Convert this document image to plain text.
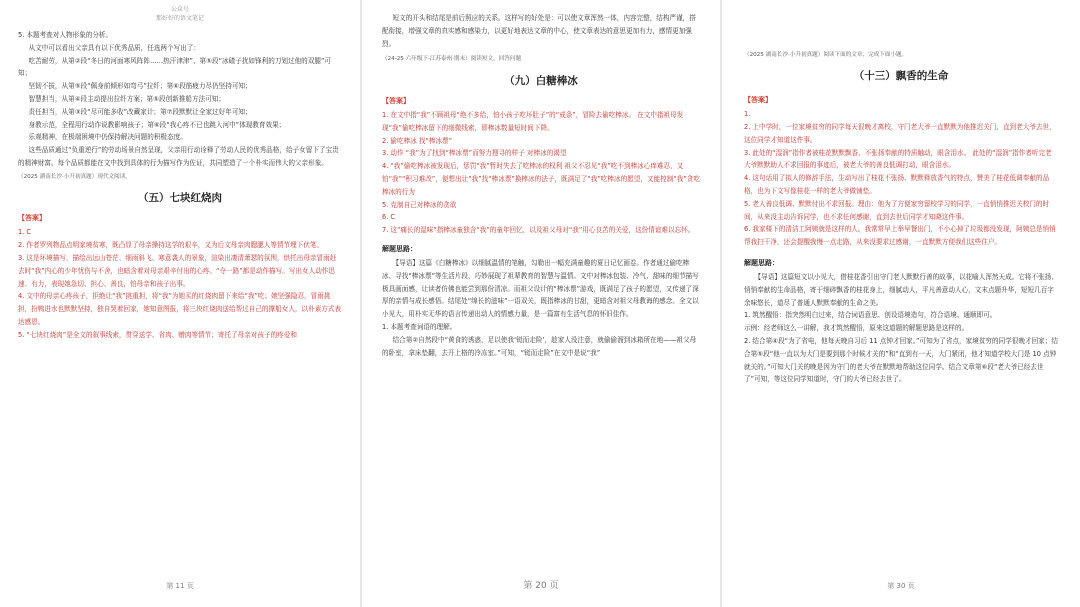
公众号
那好好的语文笔记

5. 本题考查对人物形象的分析。

从文中可以看出父亲具有以下优秀品质，任选两个写出了：

吃苦耐劳，从第②段“冬日的河面寒风阵阵……热汗津津”、第⑤段“冰碴子扰如锋利的刀划过他的双腿”可知；

坚韧不拔，从第⑤段“佩身前倾形如弯弓”拉纤；第⑥段筋疲力尽仍坚持可知；

智慧担当，从第④段主动提出拉纤方案；第⑤段创新推船方法可知；

责任担当，从第③段“尽可能多收”改藏家计；第⑦段默默让全家过好年可知；

身教示范，全程用行动诈说教影响孩子；第⑥段“我心疼不已也跳入河中”体现教育效果；

乐观精神，在极端困境中仍保持解决问题的积极态度。

这些品质通过“负重逆行”的劳动场景自然呈现，父亲用行动诠释了劳动人民的优秀品格，给子女留下了宝贵的精神财富。每个品质都能在文中找到具体的行为描写作为佐证，共同塑造了一个朴实而伟大的父亲形象。

（2025 湖南长沙·小升初真题）现代文阅读。

（五）七块红烧肉
【答案】

1. C

2. 作者罗列物品点明家境贫寒，既凸显了母亲操持这学的艰辛，又为后文母亲肉腮腮人等情节埋下伏笔。

3. 这是环境描写，描绘出远山苍茫、细雨斜飞、寒意袭人的景象，渲染出凄清萧瑟的氛围，烘托出母亲冒雨赶去时“我”内心的少年忧伤与不舍，也暗含着对母亲艰辛付出的心疼。“夺一路”都是动作描写。写出女人动作迅速、有力，表现她急切、担心、善良，怕母亲和孩子出事。

4. 文中的母亲心疼孩子，拒绝让“我”挑重担，将“我”为她买的红烧肉留下来给“我”吃；她坚强隐忍，冒雨挑担，扮鸭进水也默默坚持，独自哭着回家，她知意图报，将三块红烧肉送给帮过自己的撑船女人，以朴素方式表达感恩。

5. “七块红烧肉”是全文的叙事线索，贯穿送学、省肉、赠肉等情节；寄托了母亲对孩子的疼爱和

第 11 页

短文的开头和结尾是前后照应的关系。这样写的好处是：可以使文章浑然一体，内容完整，结构严谨，搭配衔接，增强文章的真实感和感染力，以更好地表达文章的中心，使文章表达的意思更加有力，感情更加强烈。

（24-25 六年级下·江苏泰州·期末）阅读短文，回答问题

（九）白糖棒冰
【答案】

1. 在文中指“我”不顾祖母“绝不多给，怕小孩子吃坏肚子”的“戒条”，冒险去偷吃棒冰。 在文中指祖母发现“我”偷吃棒冰留下的细微线索，即棒冰数量短时间下降。

2. 偷吃棒冰 找“棒冰票”

3. 动作 “我”为了找到“棒冰票”而努力搜寻的样子 对棒冰的渴望

4. “我”偷吃棒冰被发现后，惩罚“我”暂时失去了吃棒冰的权利 祖父不忍见“我”吃不到棒冰心痒难忍，又怕“我”“积习难改”，便想出让“我”找“棒冰票”换棒冰的法子，既满足了“我”吃棒冰的愿望，又能控制“我”贪吃棒冰的行为

5. 克制自己对棒冰的贪欲

6. C

7. 这“痛长的湿味”指棒冰童独含“我”的童年回忆，以及祖父母对“我”用心良苦的关爱，这份情谊难以忘怀。

解题思路：

【导语】这篇《白糖棒冰》以细腻温情的笔触，勾勒出一幅充满童趣的夏日记忆画卷。作者通过偷吃棒冰、寻找“棒冰票”等生活片段，巧妙展现了祖辈教育的智慧与温情。文中对棒冰包装、冷气、甜味的细节描写极具画面感，让读者仿佛也能尝到那份清凉。而祖父设计的“棒冰票”游戏，既满足了孩子的愿望，又传递了深厚的亲情与成长感悟。结尾处“绵长的滋味”一语双关，既指棒冰的甘甜，更暗含对祖父母教诲的感念。全文以小见大，用朴实无华的语言传递出动人的情感力量，是一篇富有生活气息的怀旧佳作。

1. 本题考查词语的理解。

结合第②自然段中“黄食的诱惑，足以使我‘铤而走险’，趁家人没注意，就偷偷溜到冰箱所在地——祖父母的卧室，拿床垫翻，去开上格的冷冻室。”可知，“铤而走险”在文中是说“我”

第 20 页

（2025 湖南长沙·小升初真题）阅读下面的文章，完成下面小题。

（十三）飘香的生命
【答案】

1.

2. 上中学时，一位家境贫穷的同学每天很晚才离校，守门老大爷一直默默为他推迟关门，直到老大爷去世，这位同学才知道这件事。

3. 此处的“湿润”指作者被桂花默默飘香、不张扬奉献的特质触动，眼含泪水。 此处的“湿润”指作者听完老大爷默默助人不求回报的事迹后，被老大爷的善良低调打动，眼含泪水。

4. 这句话用了拟人的修辞手法，生动写出了桂花不张扬、默默释放香气的特点，赞美了桂花低调奉献的品格，也为下文写像桂花一样的老大爷做铺垫。

5. 老人善良低调、默默付出不求回报。理由：他为了方便家穷留校学习的同学，一直悄悄推迟关校门的时间，从来没主动告诉同学，也不求任何感谢，直到去世后同学才知晓这件事。

6. 我家楼下的清洁工阿姨就是这样的人。我常常早上举早餐出门，不小心掉了垃圾都没发现，阿姨总是悄悄帮我扫干净，还会提醒我慢一点走路，从来没要求过感谢，一直默默方便我们这些住户。

解题思路：

【导语】这篇短文以小见大，借桂花香引出守门老人默默行善的故事，以花喻人浑然天成。它将不张扬、悄悄奉献的生命品格，寄于细碎飘香的桂花身上，细腻动人，平凡善意动人心，文末点题升华，短短几百字余味悠长，道尽了普通人默默奉献的生命之美。

1. 筑然醒悟：指突然明白过来，结合词语意思、创设语境造句，符合语境、通顺即可。

示例：经老师这么一讲解，我才筑然醒悟，原来这道题的解题思路是这样的。

2. 结合第④段“为了省电，他每天晚自习后 11 点钟才回家。”可知为了省点，家境贫穷的同学很晚才回家；结合第⑤段“他一直以为大门是要到那个时候才关的”和“直到有一天，大门紧闭，他才知道学校大门是 10 点钟就关的。”可知大门关的晚是因为守门的老大爷在默默地帮助这位同学。结合文章第⑥段“老大爷已经去世了”可知，等这位同学知道时，守门的大爷已经去世了。

第 30 页
